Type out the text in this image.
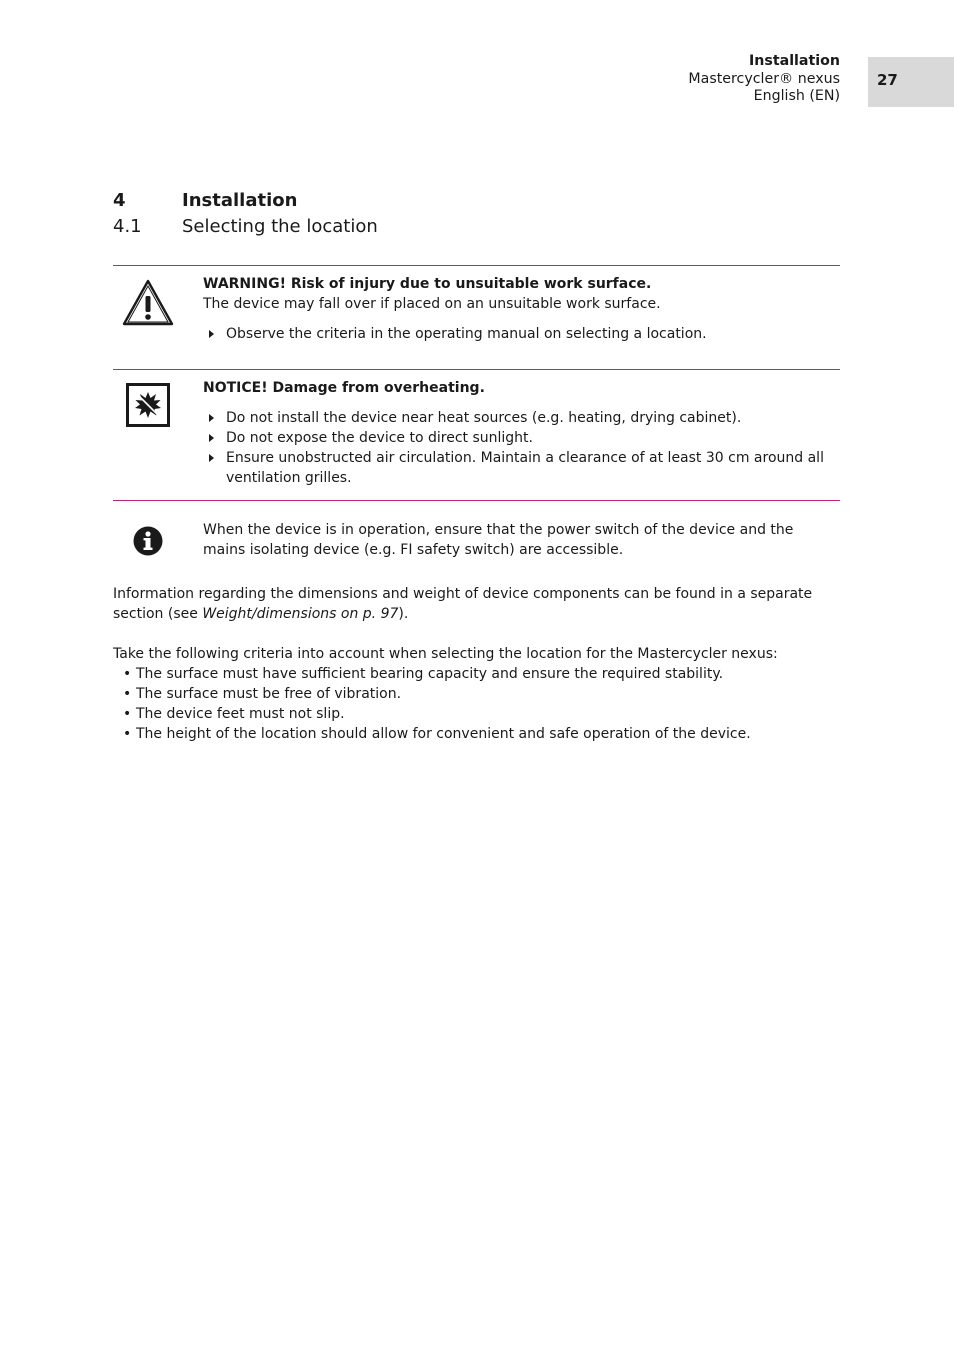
Installation
Mastercycler® nexus
English (EN)
27
4	Installation
4.1 Selecting the location
WARNING! Risk of injury due to unsuitable work surface.
The device may fall over if placed on an unsuitable work surface.
Observe the criteria in the operating manual on selecting a location.
NOTICE! Damage from overheating.
Do not install the device near heat sources (e.g. heating, drying cabinet).
Do not expose the device to direct sunlight.
Ensure unobstructed air circulation. Maintain a clearance of at least 30 cm around all ventilation grilles.
When the device is in operation, ensure that the power switch of the device and the mains isolating device (e.g. FI safety switch) are accessible.
Information regarding the dimensions and weight of device components can be found in a separate section (see Weight/dimensions on p. 97).
Take the following criteria into account when selecting the location for the Mastercycler nexus:
• The surface must have sufficient bearing capacity and ensure the required stability.
• The surface must be free of vibration.
• The device feet must not slip.
• The height of the location should allow for convenient and safe operation of the device.
